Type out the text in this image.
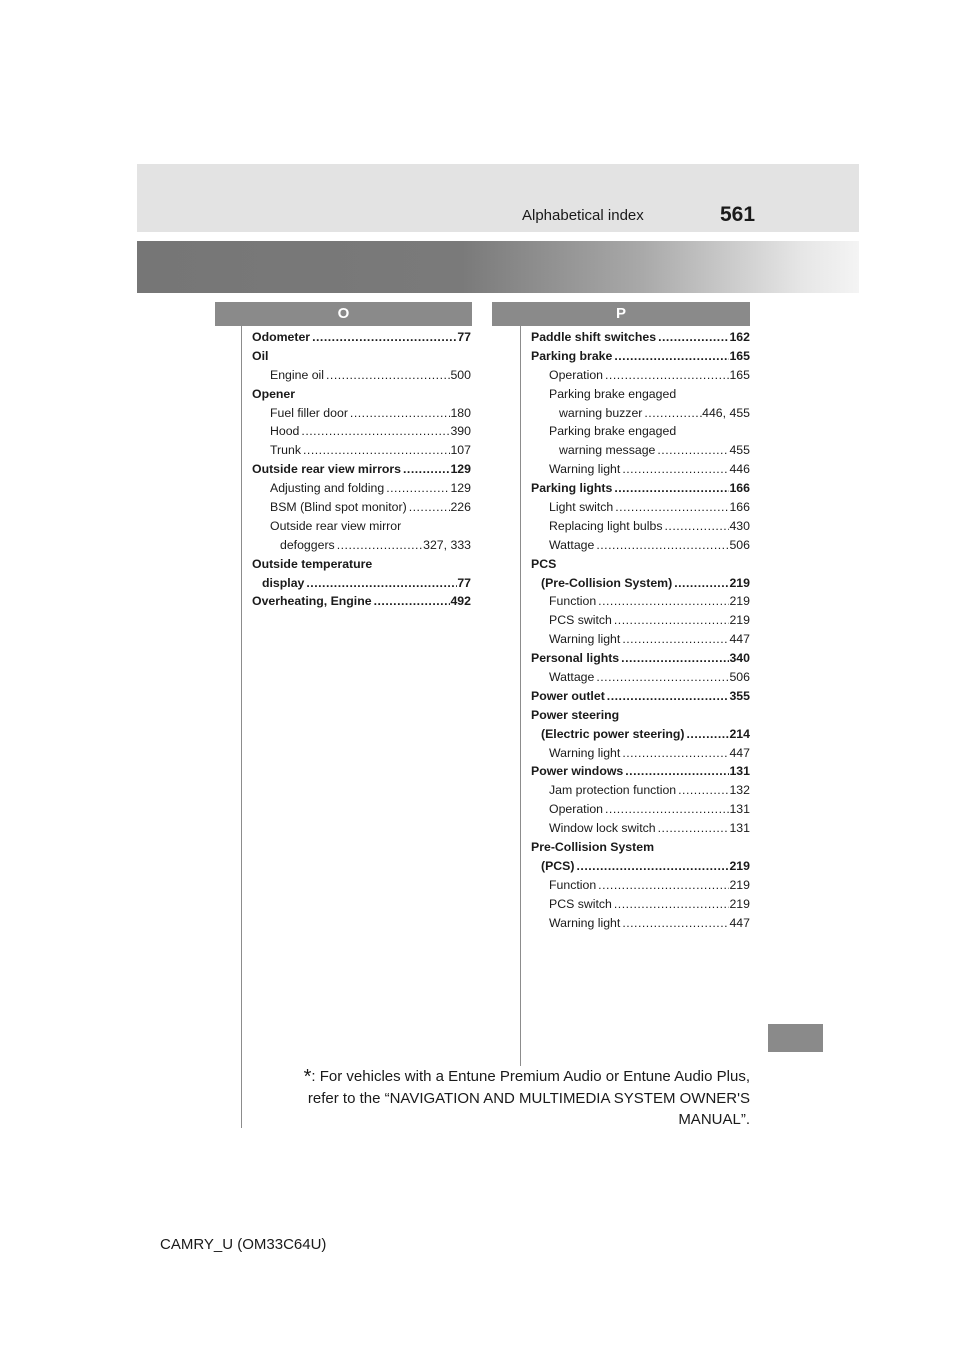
Alphabetical index	561
O	P
Odometer .....	77
Oil
Engine oil .....	500
Opener
Fuel filler door .....	180
Hood .....	390
Trunk .....	107
Outside rear view mirrors .....	129
Adjusting and folding .....	129
BSM (Blind spot monitor) .....	226
Outside rear view mirror
defoggers .....	327, 333
Outside temperature
display .....	77
Overheating, Engine .....	492
Paddle shift switches .....	162
Parking brake .....	165
Operation .....	165
Parking brake engaged
warning buzzer .....	446, 455
Parking brake engaged
warning message .....	455
Warning light .....	446
Parking lights .....	166
Light switch .....	166
Replacing light bulbs .....	430
Wattage .....	506
PCS
(Pre-Collision System) .....	219
Function .....	219
PCS switch .....	219
Warning light .....	447
Personal lights .....	340
Wattage .....	506
Power outlet .....	355
Power steering
(Electric power steering) .....	214
Warning light .....	447
Power windows .....	131
Jam protection function .....	132
Operation .....	131
Window lock switch .....	131
Pre-Collision System
(PCS) .....	219
Function .....	219
PCS switch .....	219
Warning light .....	447
*: For vehicles with a Entune Premium Audio or Entune Audio Plus,
refer to the “NAVIGATION AND MULTIMEDIA SYSTEM OWNER'S
MANUAL”.
CAMRY_U (OM33C64U)
